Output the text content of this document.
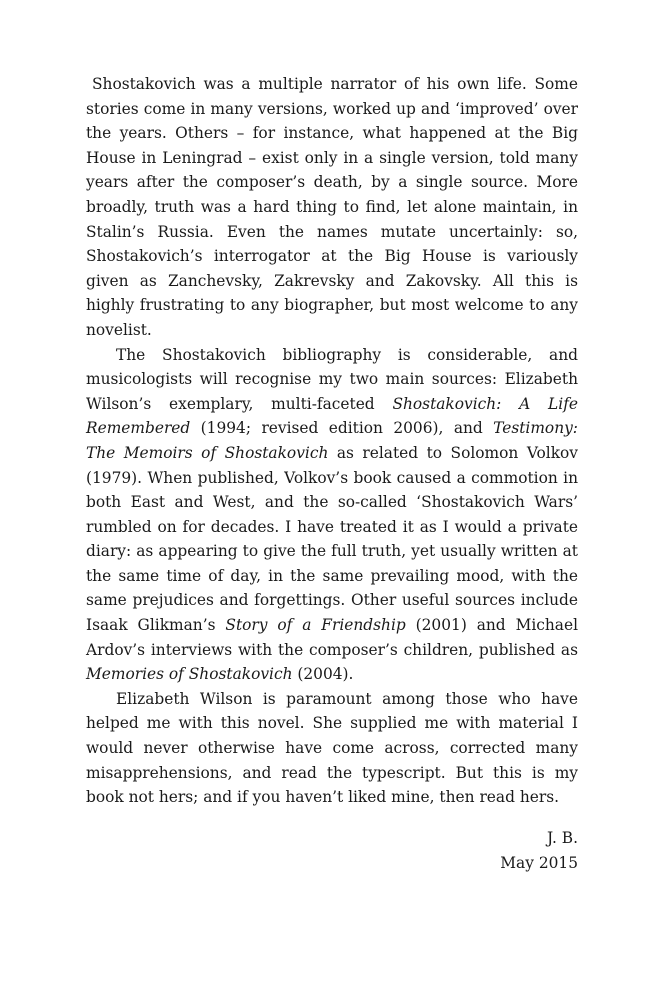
Shostakovich was a multiple narrator of his own life. Some stories come in many versions, worked up and ‘improved’ over the years. Others – for instance, what happened at the Big House in Leningrad – exist only in a single version, told many years after the composer’s death, by a single source. More broadly, truth was a hard thing to find, let alone maintain, in Stalin’s Russia. Even the names mutate uncertainly: so, Shostakovich’s interrogator at the Big House is variously given as Zanchevsky, Zakrevsky and Zakovsky. All this is highly frustrating to any biographer, but most welcome to any novelist.

The Shostakovich bibliography is considerable, and musicologists will recognise my two main sources: Elizabeth Wilson’s exemplary, multi-faceted Shostakovich: A Life Remembered (1994; revised edition 2006), and Testimony: The Memoirs of Shostakovich as related to Solomon Volkov (1979). When published, Volkov’s book caused a commotion in both East and West, and the so-called ‘Shostakovich Wars’ rumbled on for decades. I have treated it as I would a private diary: as appearing to give the full truth, yet usually written at the same time of day, in the same prevailing mood, with the same prejudices and forgettings. Other useful sources include Isaak Glikman’s Story of a Friendship (2001) and Michael Ardov’s interviews with the composer’s children, published as Memories of Shostakovich (2004).

Elizabeth Wilson is paramount among those who have helped me with this novel. She supplied me with material I would never otherwise have come across, corrected many misapprehensions, and read the typescript. But this is my book not hers; and if you haven’t liked mine, then read hers.

J. B.
May 2015
